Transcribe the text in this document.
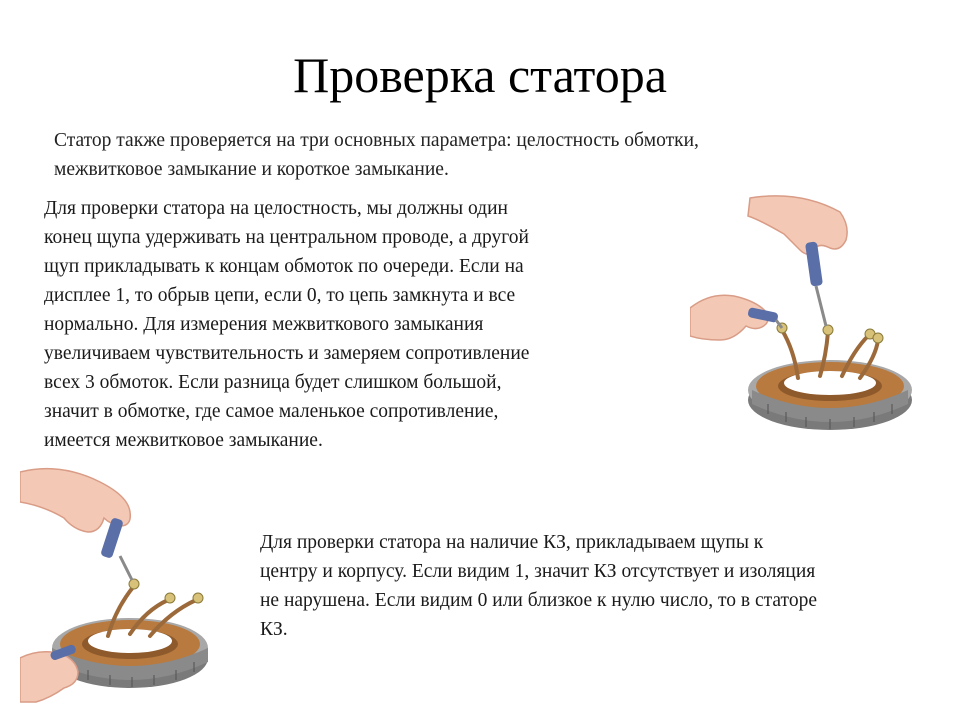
Проверка статора
Статор также проверяется на три основных параметра: целостность обмотки,
межвитковое замыкание и короткое замыкание.
Для проверки статора на целостность, мы должны один
конец щупа удерживать на центральном проводе, а другой
щуп прикладывать к концам обмоток по очереди. Если на
дисплее 1, то обрыв цепи, если 0, то цепь замкнута и все
нормально. Для измерения межвиткового замыкания
увеличиваем чувствительность и замеряем сопротивление
всех 3 обмоток. Если разница будет слишком большой,
значит в обмотке, где самое маленькое сопротивление,
имеется межвитковое замыкание.
Для проверки статора на наличие КЗ, прикладываем щупы к
центру и корпусу. Если видим 1, значит КЗ отсутствует и изоляция
не нарушена. Если видим 0 или близкое к нулю число, то в статоре
КЗ.
